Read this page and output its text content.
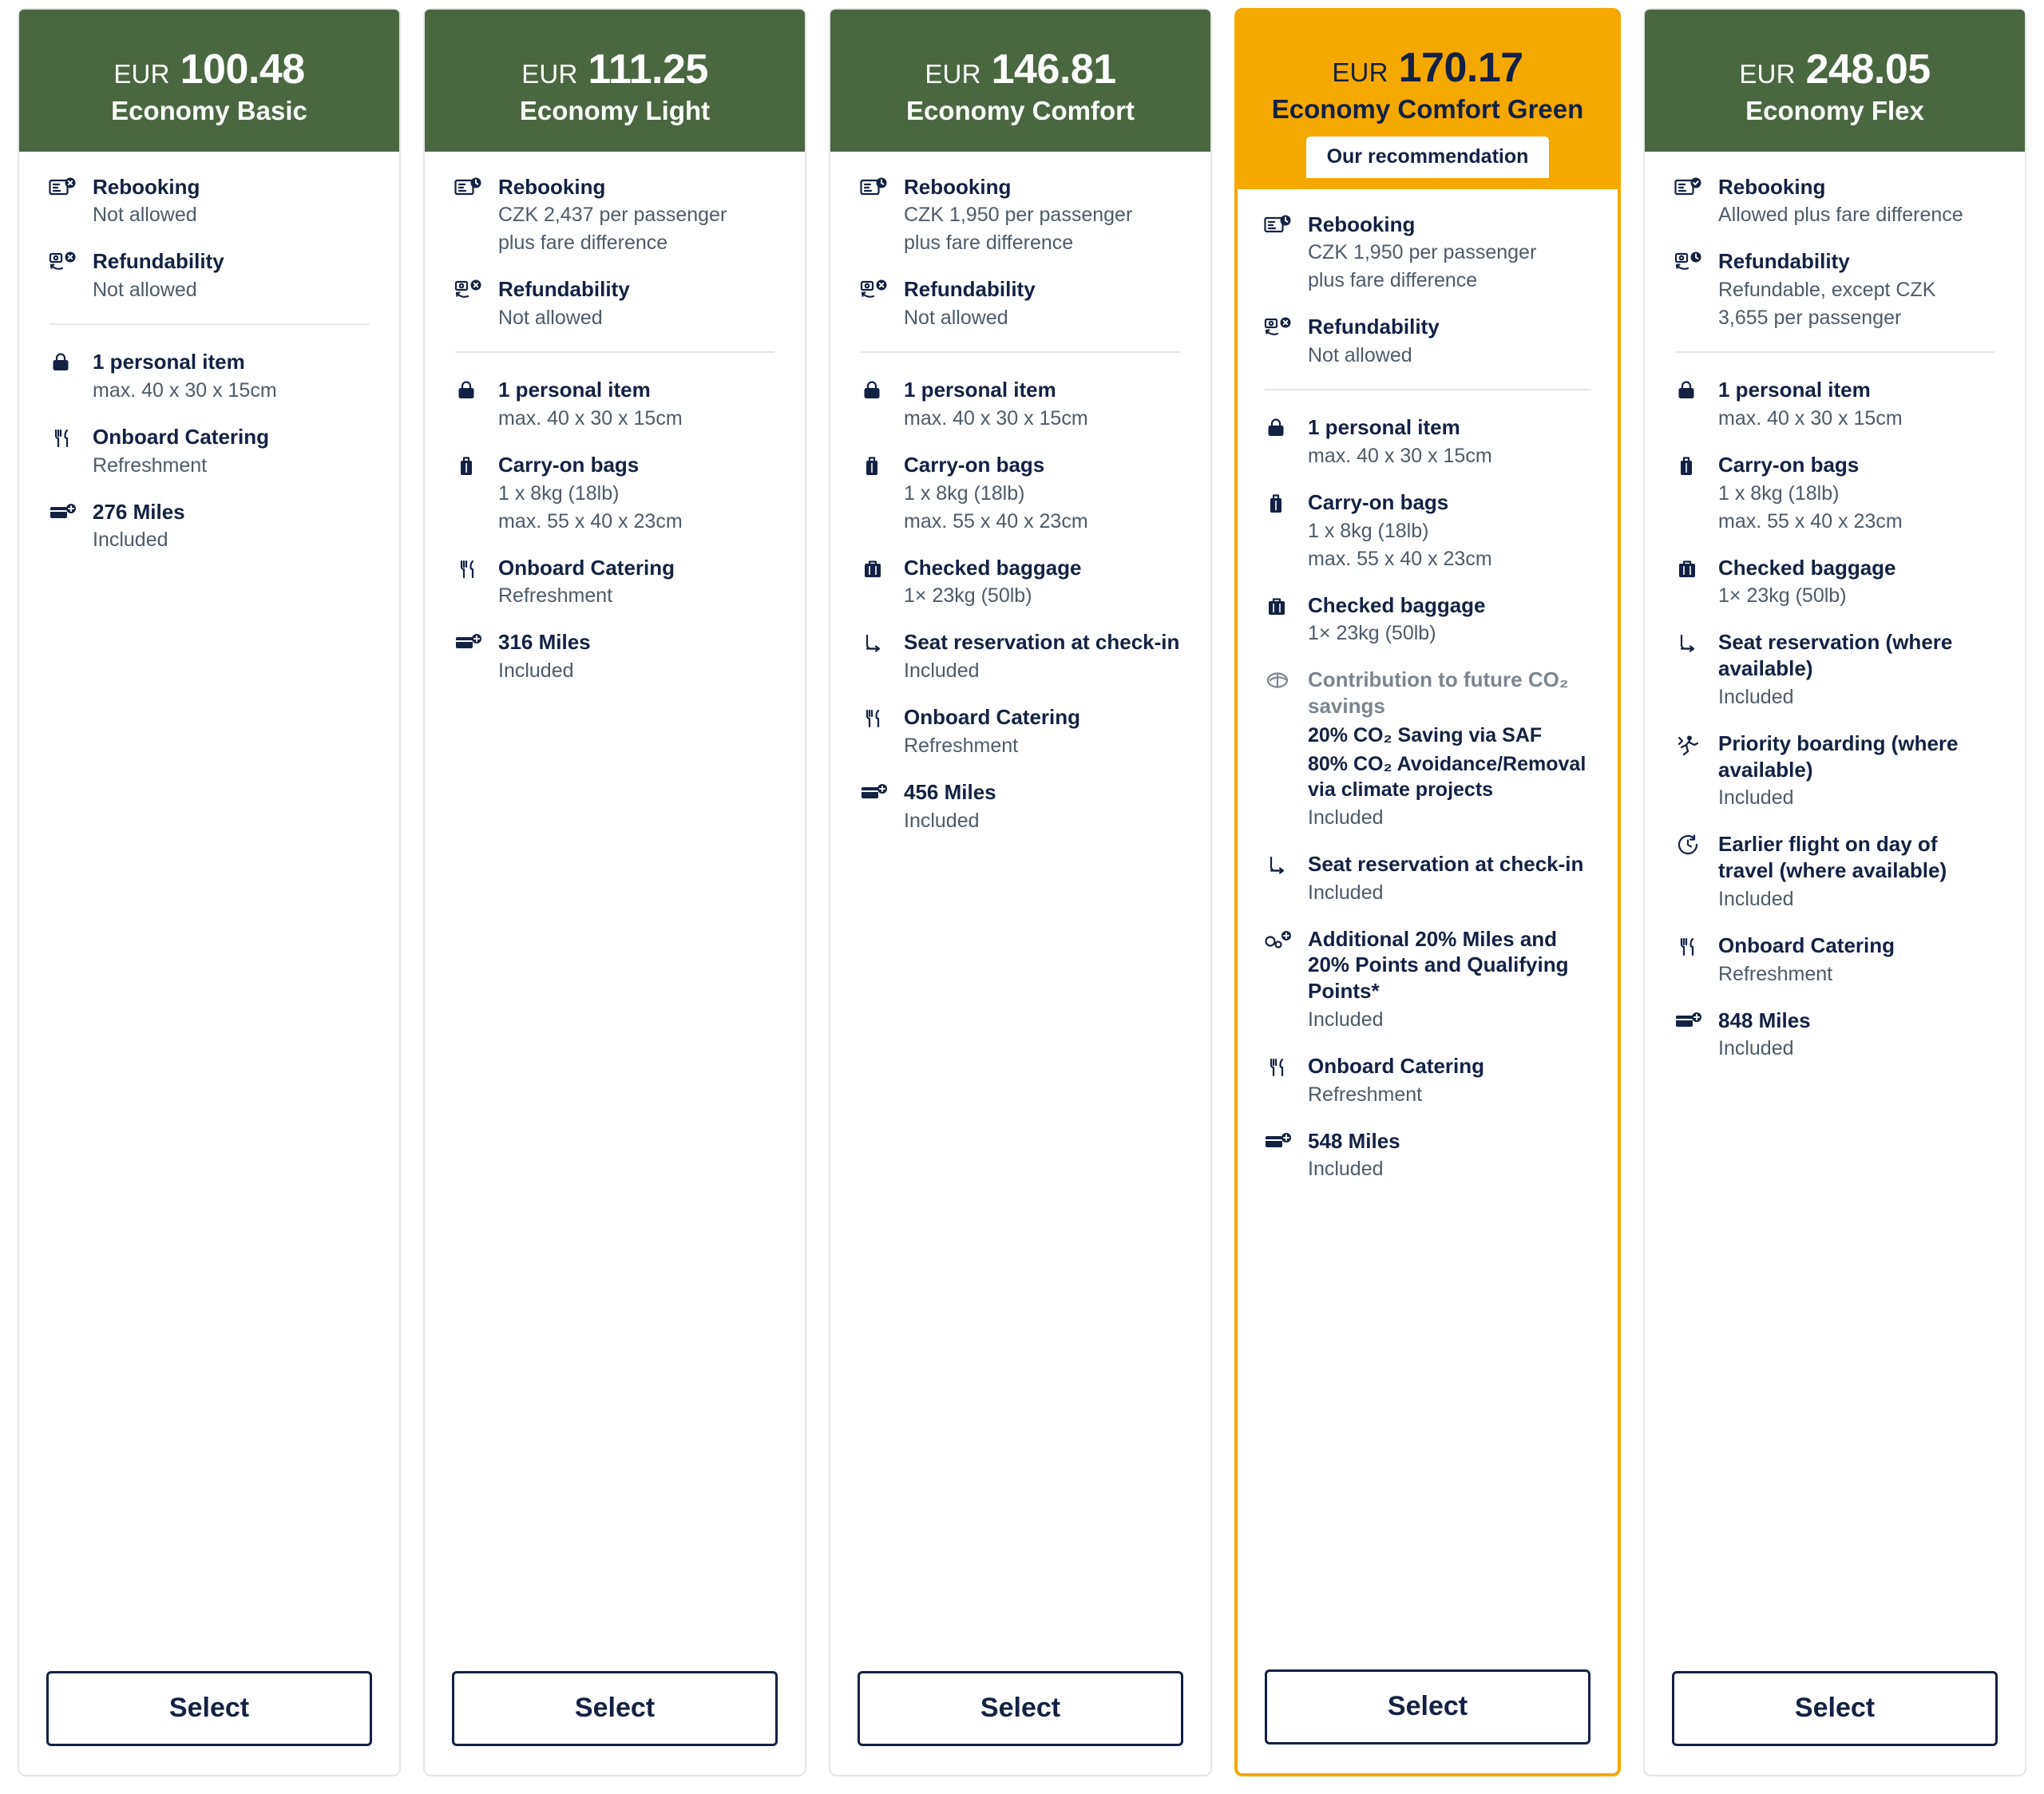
EUR 100.48
Economy Basic
Rebooking
Not allowed
Refundability
Not allowed
1 personal item
max. 40 x 30 x 15cm
Onboard Catering
Refreshment
276 Miles
Included
Select
EUR 111.25
Economy Light
Rebooking
CZK 2,437 per passenger
plus fare difference
Refundability
Not allowed
1 personal item
max. 40 x 30 x 15cm
Carry-on bags
1 x 8kg (18lb)
max. 55 x 40 x 23cm
Onboard Catering
Refreshment
316 Miles
Included
Select
EUR 146.81
Economy Comfort
Rebooking
CZK 1,950 per passenger
plus fare difference
Refundability
Not allowed
1 personal item
max. 40 x 30 x 15cm
Carry-on bags
1 x 8kg (18lb)
max. 55 x 40 x 23cm
Checked baggage
1× 23kg (50lb)
Seat reservation at check-in
Included
Onboard Catering
Refreshment
456 Miles
Included
Select
EUR 170.17
Economy Comfort Green
Our recommendation
Rebooking
CZK 1,950 per passenger
plus fare difference
Refundability
Not allowed
1 personal item
max. 40 x 30 x 15cm
Carry-on bags
1 x 8kg (18lb)
max. 55 x 40 x 23cm
Checked baggage
1× 23kg (50lb)
Contribution to future CO₂ savings
20% CO₂ Saving via SAF
80% CO₂ Avoidance/Removal via climate projects
Included
Seat reservation at check-in
Included
Additional 20% Miles and 20% Points and Qualifying Points*
Included
Onboard Catering
Refreshment
548 Miles
Included
Select
EUR 248.05
Economy Flex
Rebooking
Allowed plus fare difference
Refundability
Refundable, except CZK
3,655 per passenger
1 personal item
max. 40 x 30 x 15cm
Carry-on bags
1 x 8kg (18lb)
max. 55 x 40 x 23cm
Checked baggage
1× 23kg (50lb)
Seat reservation (where available)
Included
Priority boarding (where available)
Included
Earlier flight on day of travel (where available)
Included
Onboard Catering
Refreshment
848 Miles
Included
Select
